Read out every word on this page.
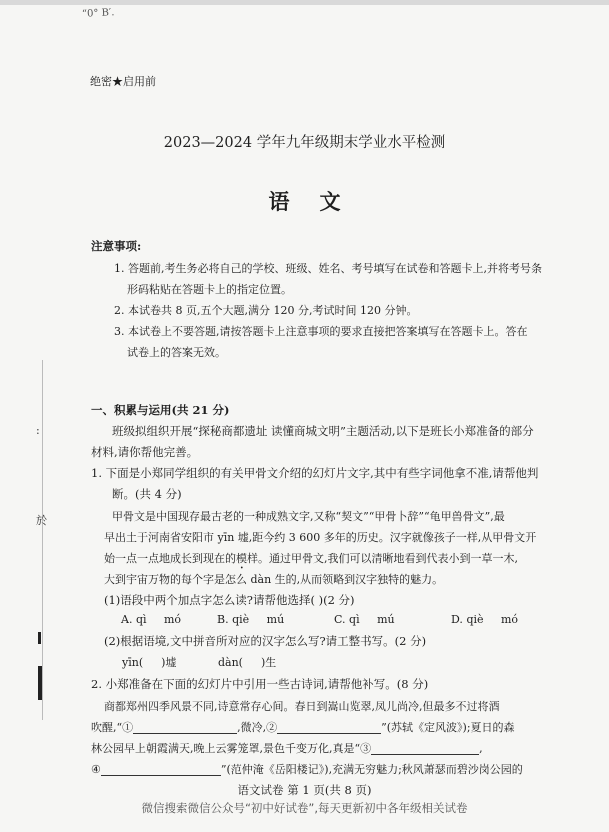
“0° B′.
绝密★启用前
2023—2024 学年九年级期末学业水平检测
语文
注意事项:
1. 答题前,考生务必将自己的学校、班级、姓名、考号填写在试卷和答题卡上,并将考号条
形码粘贴在答题卡上的指定位置。
2. 本试卷共 8 页,五个大题,满分 120 分,考试时间 120 分钟。
3. 本试卷上不要答题,请按答题卡上注意事项的要求直接把答案填写在答题卡上。答在
试卷上的答案无效。
一、积累与运用(共 21 分)
班级拟组织开展“探秘商都遗址 读懂商城文明”主题活动,以下是班长小郑准备的部分
材料,请你帮他完善。
1. 下面是小郑同学组织的有关甲骨文介绍的幻灯片文字,其中有些字词他拿不准,请帮他判
断。(共 4 分)
甲骨文是中国现存最古老的一种成熟文字,又称“契文”“甲骨卜辞”“龟甲兽骨文”,最
早出土于河南省安阳市 yīn 墟,距今约 3 600 多年的历史。汉字就像孩子一样,从甲骨文开
始一点一点地成长到现在的模样。通过甲骨文,我们可以清晰地看到代表小到一草一木,
大到宇宙万物的每个字是怎么 dàn 生的,从而领略到汉字独特的魅力。
(1)语段中两个加点字怎么读?请帮他选择( )(2 分)
A. qì mó	B. qiè mú	C. qì mú	D. qiè mó
(2)根据语境,文中拼音所对应的汉字怎么写?请工整书写。(2 分)
yīn( )墟	dàn( )生
2. 小郑准备在下面的幻灯片中引用一些古诗词,请帮他补写。(8 分)
商都郑州四季风景不同,诗意常存心间。春日到嵩山览翠,凤儿尚冷,但最多不过将酒
吹醒,“①	,微冷,②	”(苏轼《定风波》);夏日的森
林公园早上朝霞满天,晚上云雾笼罩,景色千变万化,真是“③	,
④	”(范仲淹《岳阳楼记》),充满无穷魅力;秋风萧瑟而碧沙岗公园的
语文试卷 第 1 页(共 8 页)
微信搜索微信公众号“初中好试卷”,每天更新初中各年级相关试卷
:
於
